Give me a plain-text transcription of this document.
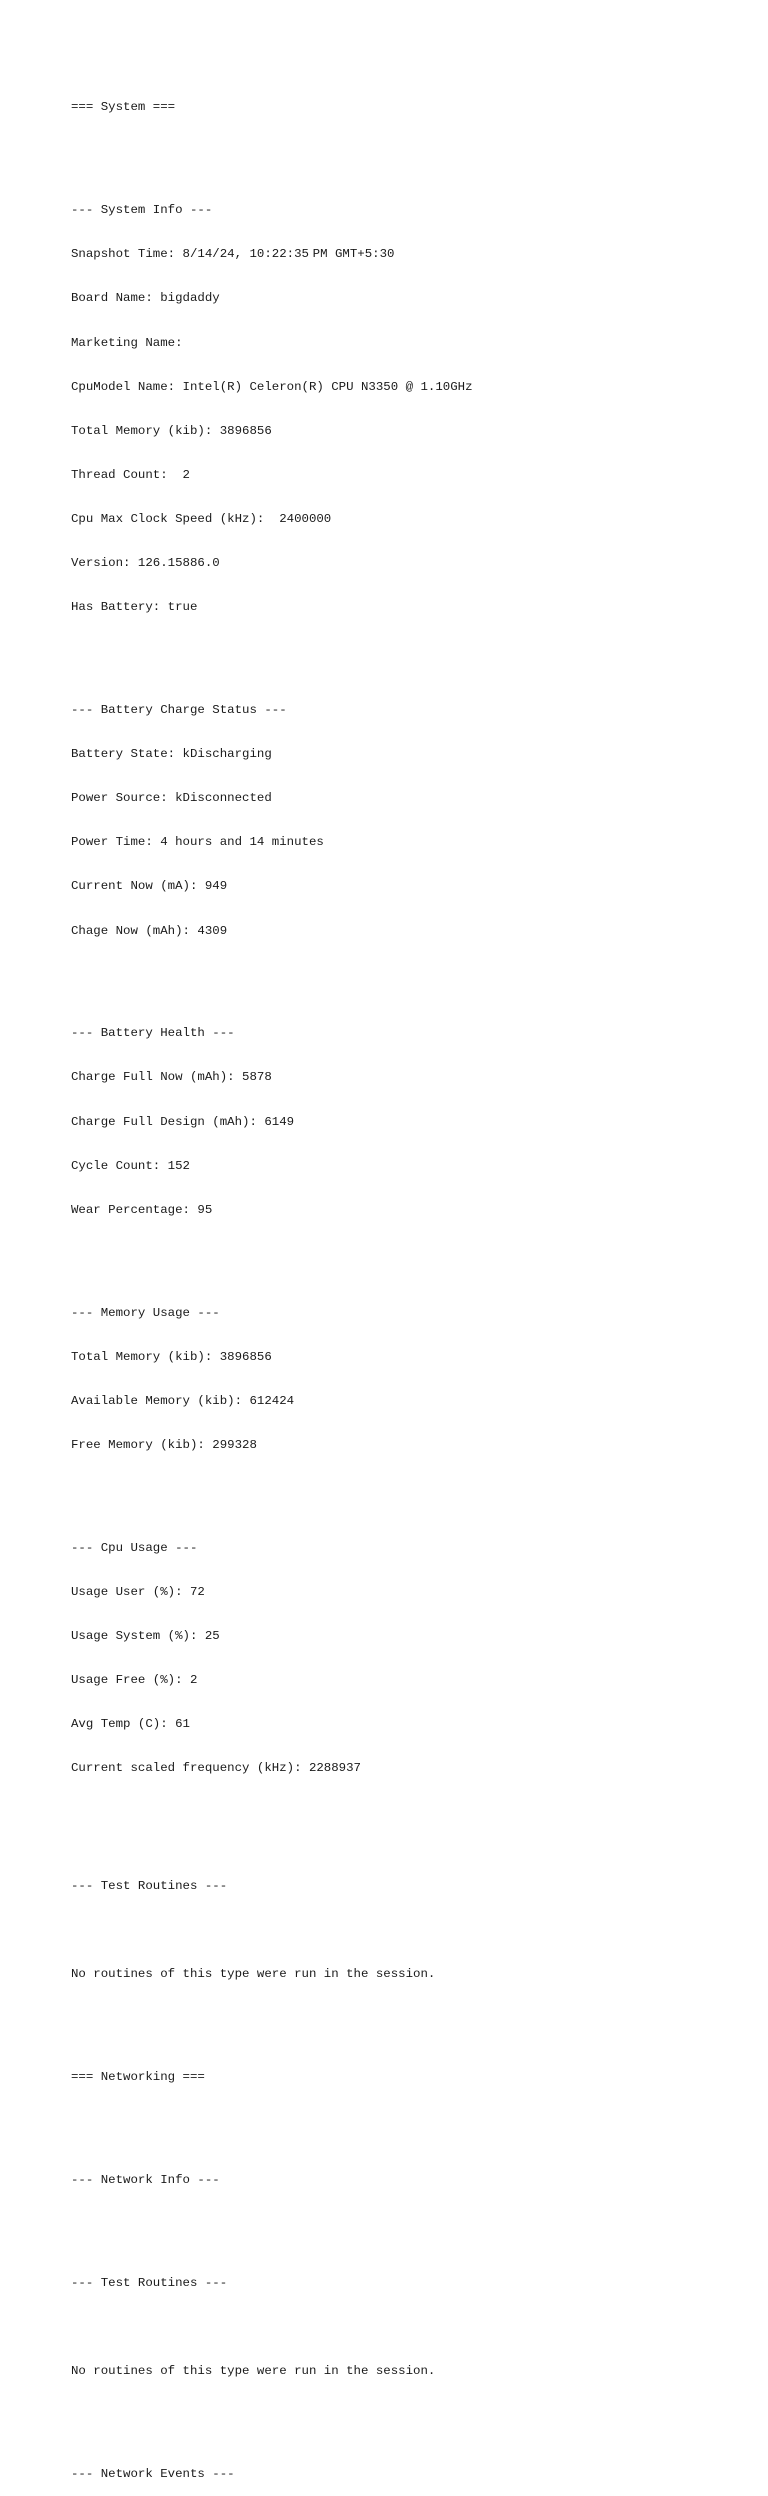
=== System ===

--- System Info ---

Snapshot Time: 8/14/24, 10:22:35 PM GMT+5:30

Board Name: bigdaddy

Marketing Name:

CpuModel Name: Intel(R) Celeron(R) CPU N3350 @ 1.10GHz

Total Memory (kib): 3896856

Thread Count:  2

Cpu Max Clock Speed (kHz):  2400000

Version: 126.15886.0

Has Battery: true

--- Battery Charge Status ---

Battery State: kDischarging

Power Source: kDisconnected

Power Time: 4 hours and 14 minutes

Current Now (mA): 949

Chage Now (mAh): 4309

--- Battery Health ---

Charge Full Now (mAh): 5878

Charge Full Design (mAh): 6149

Cycle Count: 152

Wear Percentage: 95

--- Memory Usage ---

Total Memory (kib): 3896856

Available Memory (kib): 612424

Free Memory (kib): 299328

--- Cpu Usage ---

Usage User (%): 72

Usage System (%): 25

Usage Free (%): 2

Avg Temp (C): 61

Current scaled frequency (kHz): 2288937

--- Test Routines ---

No routines of this type were run in the session.

=== Networking ===

--- Network Info ---

--- Test Routines ---

No routines of this type were run in the session.

--- Network Events ---
